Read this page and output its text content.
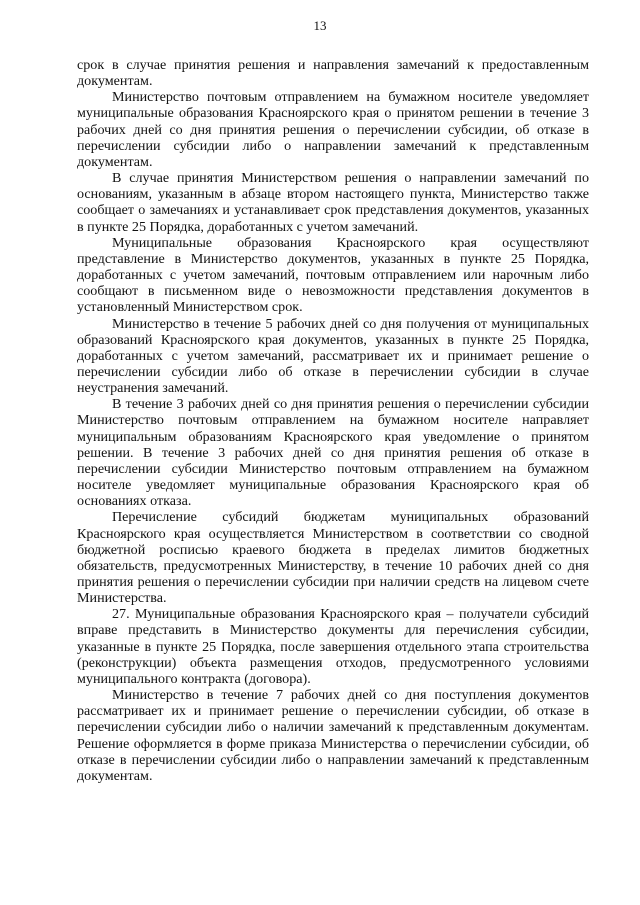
13

срок в случае принятия решения и направления замечаний к предоставленным документам.

Министерство почтовым отправлением на бумажном носителе уведомляет муниципальные образования Красноярского края о принятом решении в течение 3 рабочих дней со дня принятия решения о перечислении субсидии, об отказе в перечислении субсидии либо о направлении замечаний к представленным документам.

В случае принятия Министерством решения о направлении замечаний по основаниям, указанным в абзаце втором настоящего пункта, Министерство также сообщает о замечаниях и устанавливает срок представления документов, указанных в пункте 25 Порядка, доработанных с учетом замечаний.

Муниципальные образования Красноярского края осуществляют представление в Министерство документов, указанных в пункте 25 Порядка, доработанных с учетом замечаний, почтовым отправлением или нарочным либо сообщают в письменном виде о невозможности представления документов в установленный Министерством срок.

Министерство в течение 5 рабочих дней со дня получения от муниципальных образований Красноярского края документов, указанных в пункте 25 Порядка, доработанных с учетом замечаний, рассматривает их и принимает решение о перечислении субсидии либо об отказе в перечислении субсидии в случае неустранения замечаний.

В течение 3 рабочих дней со дня принятия решения о перечислении субсидии Министерство почтовым отправлением на бумажном носителе направляет муниципальным образованиям Красноярского края уведомление о принятом решении. В течение 3 рабочих дней со дня принятия решения об отказе в перечислении субсидии Министерство почтовым отправлением на бумажном носителе уведомляет муниципальные образования Красноярского края об основаниях отказа.

Перечисление субсидий бюджетам муниципальных образований Красноярского края осуществляется Министерством в соответствии со сводной бюджетной росписью краевого бюджета в пределах лимитов бюджетных обязательств, предусмотренных Министерству, в течение 10 рабочих дней со дня принятия решения о перечислении субсидии при наличии средств на лицевом счете Министерства.

27. Муниципальные образования Красноярского края – получатели субсидий вправе представить в Министерство документы для перечисления субсидии, указанные в пункте 25 Порядка, после завершения отдельного этапа строительства (реконструкции) объекта размещения отходов, предусмотренного условиями муниципального контракта (договора).

Министерство в течение 7 рабочих дней со дня поступления документов рассматривает их и принимает решение о перечислении субсидии, об отказе в перечислении субсидии либо о наличии замечаний к представленным документам. Решение оформляется в форме приказа Министерства о перечислении субсидии, об отказе в перечислении субсидии либо о направлении замечаний к представленным документам.
